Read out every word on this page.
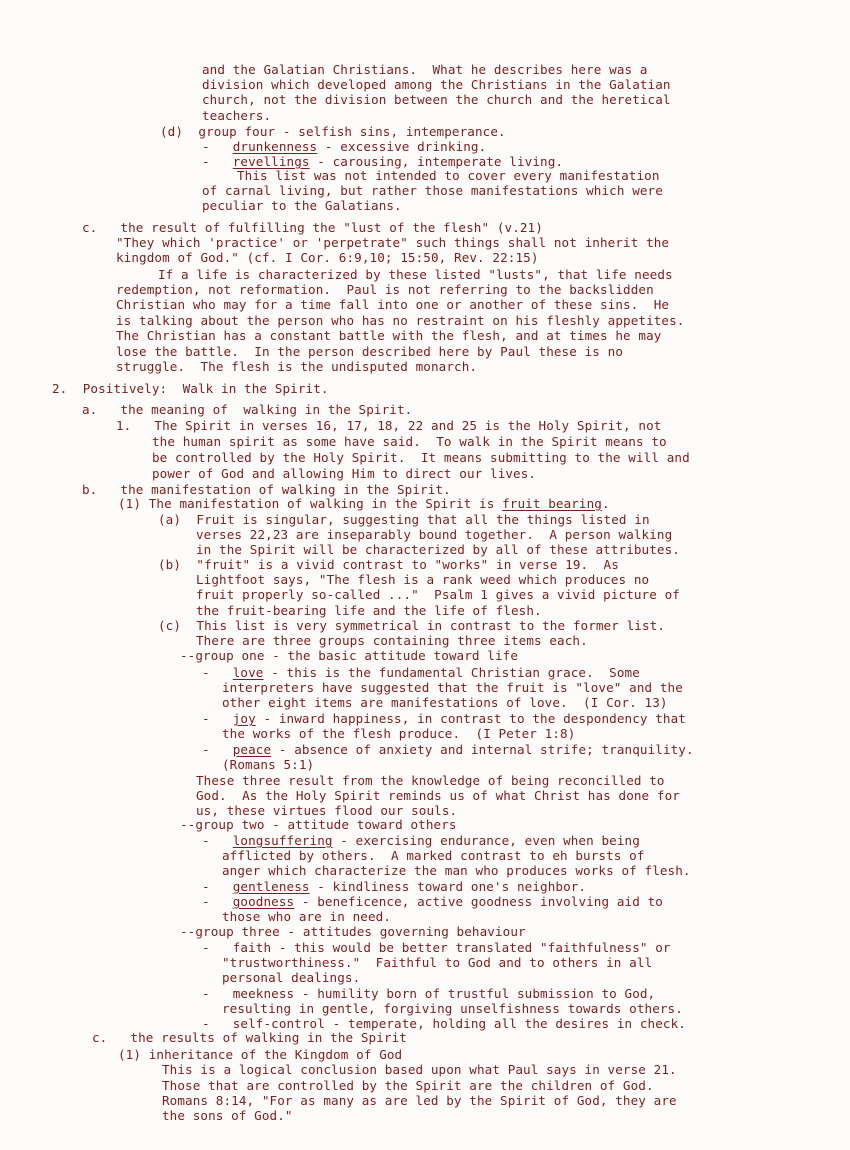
and the Galatian Christians.  What he describes here was a
division which developed among the Christians in the Galatian
church, not the division between the church and the heretical
teachers.
(d)  group four - selfish sins, intemperance.
-   drunkenness - excessive drinking.
-   revellings - carousing, intemperate living.
This list was not intended to cover every manifestation
of carnal living, but rather those manifestations which were
peculiar to the Galatians.
c.   the result of fulfilling the "lust of the flesh" (v.21)
"They which 'practice' or 'perpetrate" such things shall not inherit the
kingdom of God." (cf. I Cor. 6:9,10; 15:50, Rev. 22:15)
If a life is characterized by these listed "lusts", that life needs
redemption, not reformation.  Paul is not referring to the backslidden
Christian who may for a time fall into one or another of these sins.  He
is talking about the person who has no restraint on his fleshly appetites.
The Christian has a constant battle with the flesh, and at times he may
lose the battle.  In the person described here by Paul these is no
struggle.  The flesh is the undisputed monarch.
2.  Positively:  Walk in the Spirit.
a.   the meaning of  walking in the Spirit.
1.   The Spirit in verses 16, 17, 18, 22 and 25 is the Holy Spirit, not
the human spirit as some have said.  To walk in the Spirit means to
be controlled by the Holy Spirit.  It means submitting to the will and
power of God and allowing Him to direct our lives.
b.   the manifestation of walking in the Spirit.
(1) The manifestation of walking in the Spirit is fruit bearing.
(a)  Fruit is singular, suggesting that all the things listed in
verses 22,23 are inseparably bound together.  A person walking
in the Spirit will be characterized by all of these attributes.
(b)  "fruit" is a vivid contrast to "works" in verse 19.  As
Lightfoot says, "The flesh is a rank weed which produces no
fruit properly so-called ..."  Psalm 1 gives a vivid picture of
the fruit-bearing life and the life of flesh.
(c)  This list is very symmetrical in contrast to the former list.
There are three groups containing three items each.
--group one - the basic attitude toward life
-   love - this is the fundamental Christian grace.  Some
interpreters have suggested that the fruit is "love" and the
other eight items are manifestations of love.  (I Cor. 13)
-   joy - inward happiness, in contrast to the despondency that
the works of the flesh produce.  (I Peter 1:8)
-   peace - absence of anxiety and internal strife; tranquility.
(Romans 5:1)
These three result from the knowledge of being reconcilled to
God.  As the Holy Spirit reminds us of what Christ has done for
us, these virtues flood our souls.
--group two - attitude toward others
-   longsuffering - exercising endurance, even when being
afflicted by others.  A marked contrast to eh bursts of
anger which characterize the man who produces works of flesh.
-   gentleness - kindliness toward one's neighbor.
-   goodness - beneficence, active goodness involving aid to
those who are in need.
--group three - attitudes governing behaviour
-   faith - this would be better translated "faithfulness" or
"trustworthiness."  Faithful to God and to others in all
personal dealings.
-   meekness - humility born of trustful submission to God,
resulting in gentle, forgiving unselfishness towards others.
-   self-control - temperate, holding all the desires in check.
c.   the results of walking in the Spirit
(1) inheritance of the Kingdom of God
This is a logical conclusion based upon what Paul says in verse 21.
Those that are controlled by the Spirit are the children of God.
Romans 8:14, "For as many as are led by the Spirit of God, they are
the sons of God."
